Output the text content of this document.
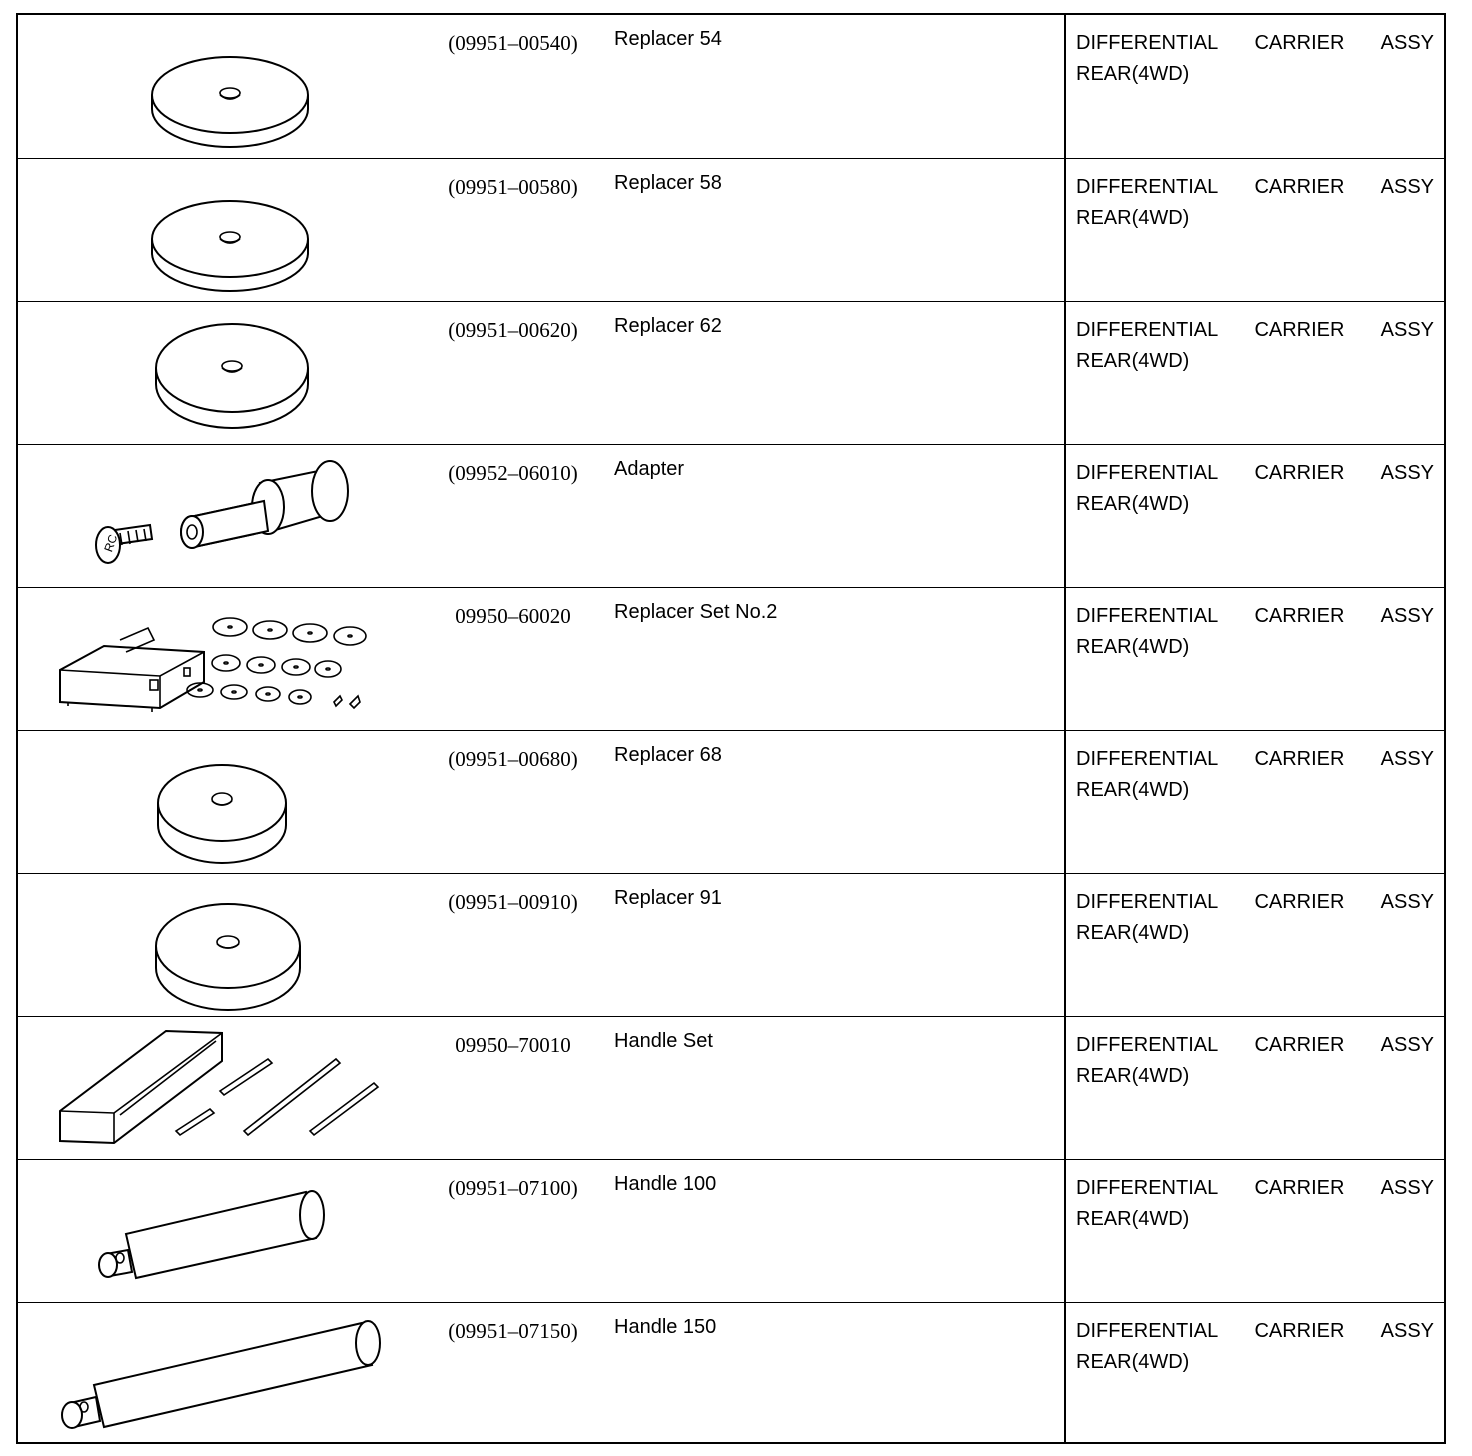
(09951–00540)	Replacer 54	DIFFERENTIAL CARRIER ASSY
REAR(4WD)
(09951–00580)	Replacer 58	DIFFERENTIAL CARRIER ASSY
REAR(4WD)
(09951–00620)	Replacer 62	DIFFERENTIAL CARRIER ASSY
REAR(4WD)
RC
(09952–06010)	Adapter	DIFFERENTIAL CARRIER ASSY
REAR(4WD)
09950–60020	Replacer Set No.2	DIFFERENTIAL CARRIER ASSY
REAR(4WD)
(09951–00680)	Replacer 68	DIFFERENTIAL CARRIER ASSY
REAR(4WD)
(09951–00910)	Replacer 91	DIFFERENTIAL CARRIER ASSY
REAR(4WD)
09950–70010	Handle Set	DIFFERENTIAL CARRIER ASSY
REAR(4WD)
(09951–07100)	Handle 100	DIFFERENTIAL CARRIER ASSY
REAR(4WD)
(09951–07150)	Handle 150	DIFFERENTIAL CARRIER ASSY
REAR(4WD)
